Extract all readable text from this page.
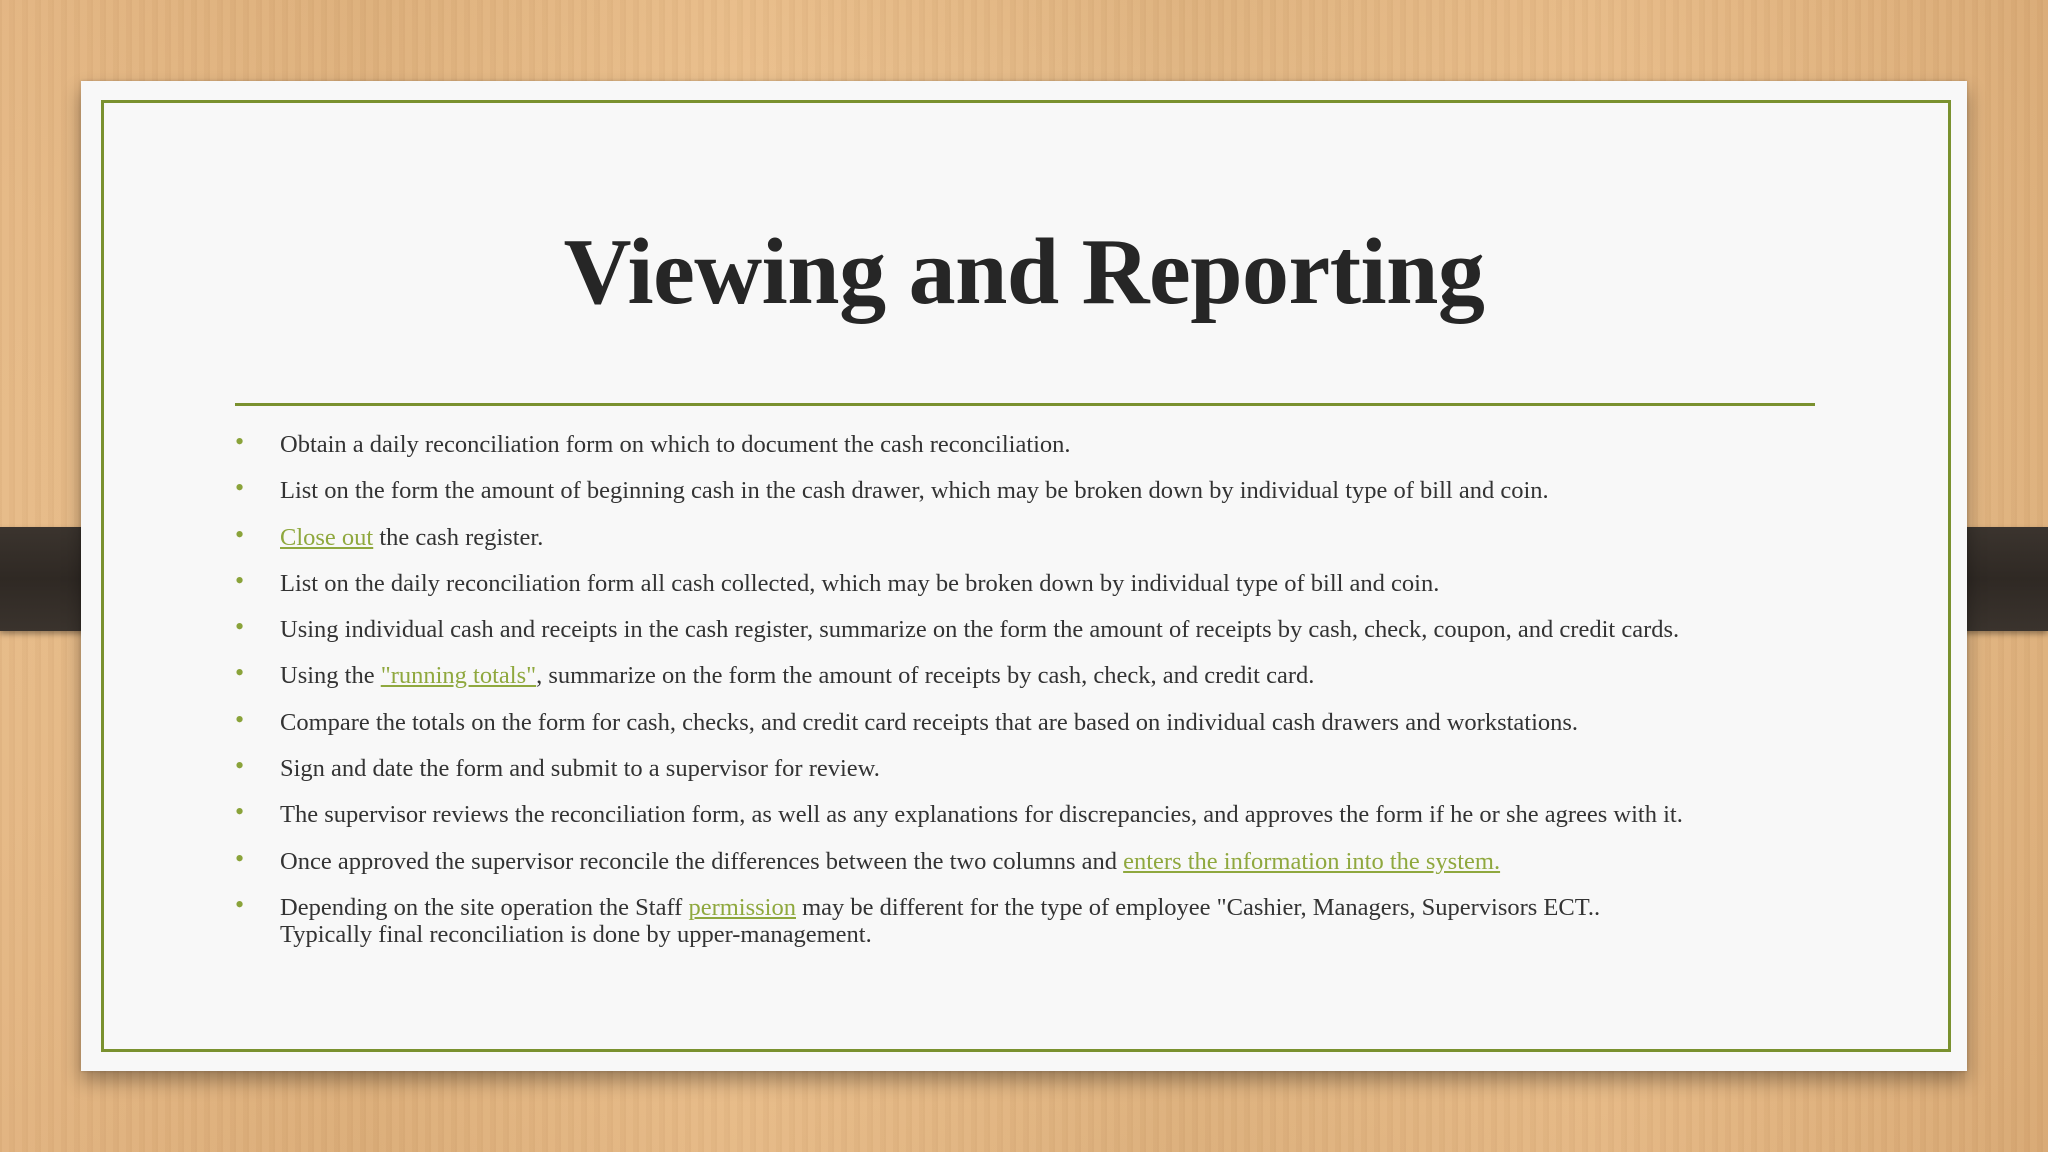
Viewing and Reporting
• Obtain a daily reconciliation form on which to document the cash reconciliation.
• List on the form the amount of beginning cash in the cash drawer, which may be broken down by individual type of bill and coin.
• Close out the cash register.
• List on the daily reconciliation form all cash collected, which may be broken down by individual type of bill and coin.
• Using individual cash and receipts in the cash register, summarize on the form the amount of receipts by cash, check, coupon, and credit cards.
• Using the "running totals", summarize on the form the amount of receipts by cash, check, and credit card.
• Compare the totals on the form for cash, checks, and credit card receipts that are based on individual cash drawers and workstations.
• Sign and date the form and submit to a supervisor for review.
• The supervisor reviews the reconciliation form, as well as any explanations for discrepancies, and approves the form if he or she agrees with it.
• Once approved the supervisor reconcile the differences between the two columns and enters the information into the system.
• Depending on the site operation the Staff permission may be different for the type of employee "Cashier, Managers, Supervisors ECT..
Typically final reconciliation is done by upper-management.
